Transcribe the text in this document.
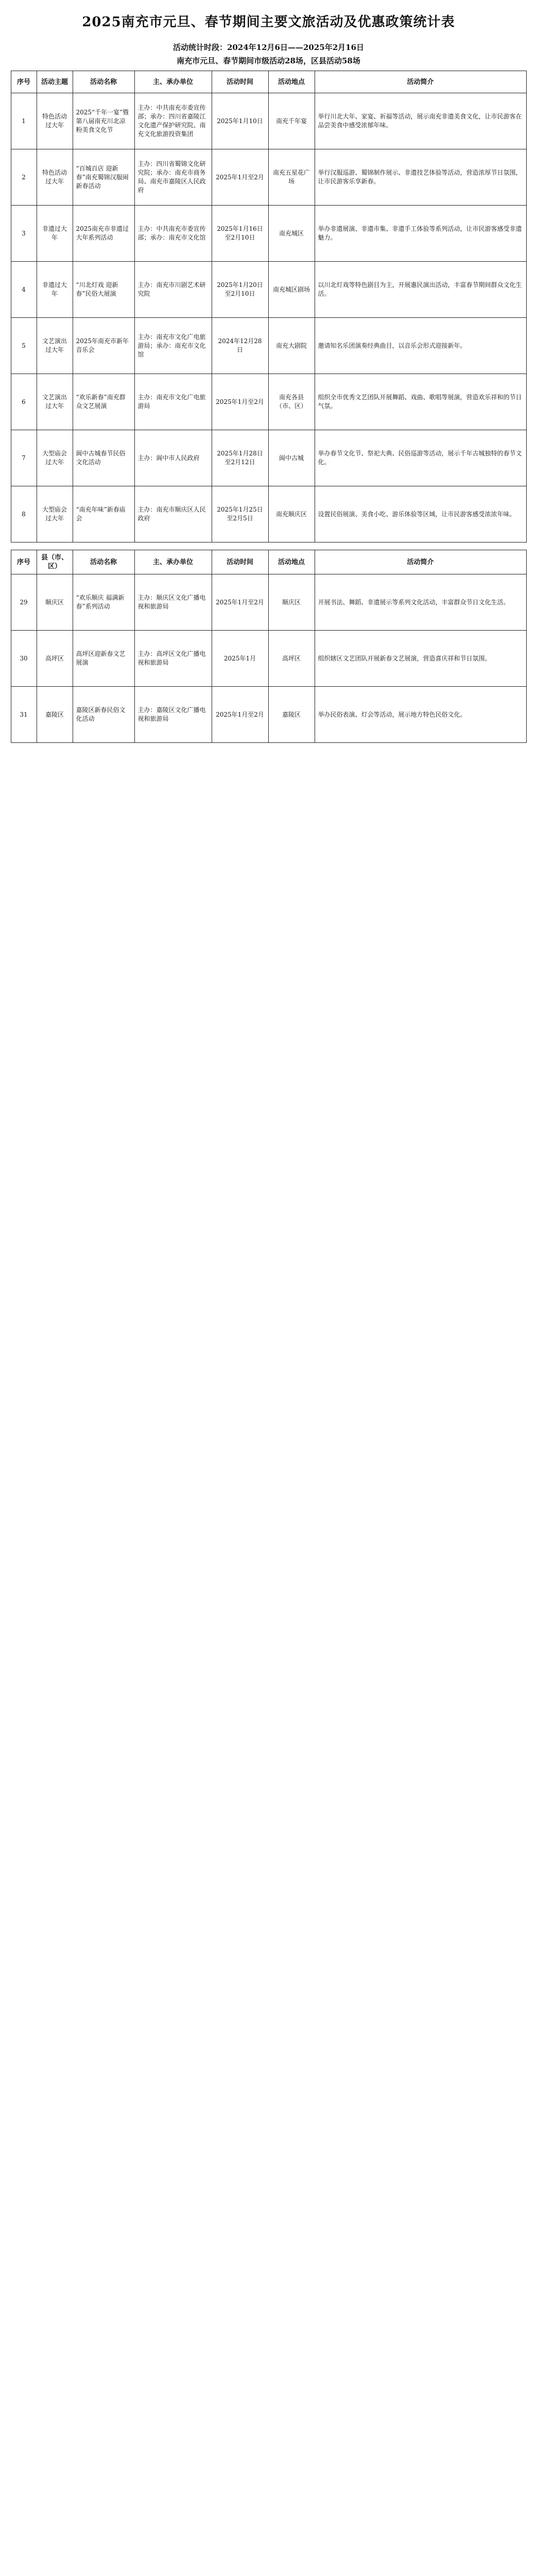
2025南充市元旦、春节期间主要文旅活动及优惠政策统计表
活动统计时段：2024年12月6日——2025年2月16日
南充市元旦、春节期间市级活动28场，区县活动58场
序号	活动主题	活动名称	主、承办单位	活动时间	活动地点	活动简介
1	特色活动过大年	2025“千年一宴”暨第八届南充川北凉粉美食文化节	主办：中共南充市委宣传部；承办：四川省嘉陵江文化遗产保护研究院、南充文化旅游投资集团	2025年1月10日	南充千年宴	举行川北大年、家宴、祈福等活动，展示南充非遗美食文化，让市民游客在品尝美食中感受浓郁年味。
2	特色活动过大年	“百城百店 迎新春”南充蜀锦汉服闹新春活动	主办：四川省蜀锦文化研究院；承办：南充市商务局、南充市嘉陵区人民政府	2025年1月至2月	南充五星花广场	举行汉服巡游、蜀锦制作展示、非遗技艺体验等活动，营造浓厚节日氛围，让市民游客乐享新春。
3	非遗过大年	2025南充市非遗过大年系列活动	主办：中共南充市委宣传部；承办：南充市文化馆	2025年1月16日至2月10日	南充城区	举办非遗展演、非遗市集、非遗手工体验等系列活动，让市民游客感受非遗魅力。
4	非遗过大年	“川北灯戏 迎新春”民俗大展演	主办：南充市川剧艺术研究院	2025年1月20日至2月10日	南充城区剧场	以川北灯戏等特色剧目为主，开展惠民演出活动，丰富春节期间群众文化生活。
5	文艺演出过大年	2025年南充市新年音乐会	主办：南充市文化广电旅游局；承办：南充市文化馆	2024年12月28日	南充大剧院	邀请知名乐团演奏经典曲目，以音乐会形式迎接新年。
6	文艺演出过大年	“欢乐新春”南充群众文艺展演	主办：南充市文化广电旅游局	2025年1月至2月	南充各县（市、区）	组织全市优秀文艺团队开展舞蹈、戏曲、歌唱等展演，营造欢乐祥和的节日气氛。
7	大型庙会过大年	阆中古城春节民俗文化活动	主办：阆中市人民政府	2025年1月28日至2月12日	阆中古城	举办春节文化节、祭祀大典、民俗巡游等活动，展示千年古城独特的春节文化。
8	大型庙会过大年	“南充年味”新春庙会	主办：南充市顺庆区人民政府	2025年1月25日至2月5日	南充顺庆区	设置民俗展演、美食小吃、游乐体验等区域，让市民游客感受浓浓年味。
序号	县（市、区）	活动名称	主、承办单位	活动时间	活动地点	活动简介
29	顺庆区	“欢乐顺庆 福满新春”系列活动	主办：顺庆区文化广播电视和旅游局	2025年1月至2月	顺庆区	开展书法、舞蹈、非遗展示等系列文化活动，丰富群众节日文化生活。
30	高坪区	高坪区迎新春文艺展演	主办：高坪区文化广播电视和旅游局	2025年1月	高坪区	组织辖区文艺团队开展新春文艺展演，营造喜庆祥和节日氛围。
31	嘉陵区	嘉陵区新春民俗文化活动	主办：嘉陵区文化广播电视和旅游局	2025年1月至2月	嘉陵区	举办民俗表演、灯会等活动，展示地方特色民俗文化。
